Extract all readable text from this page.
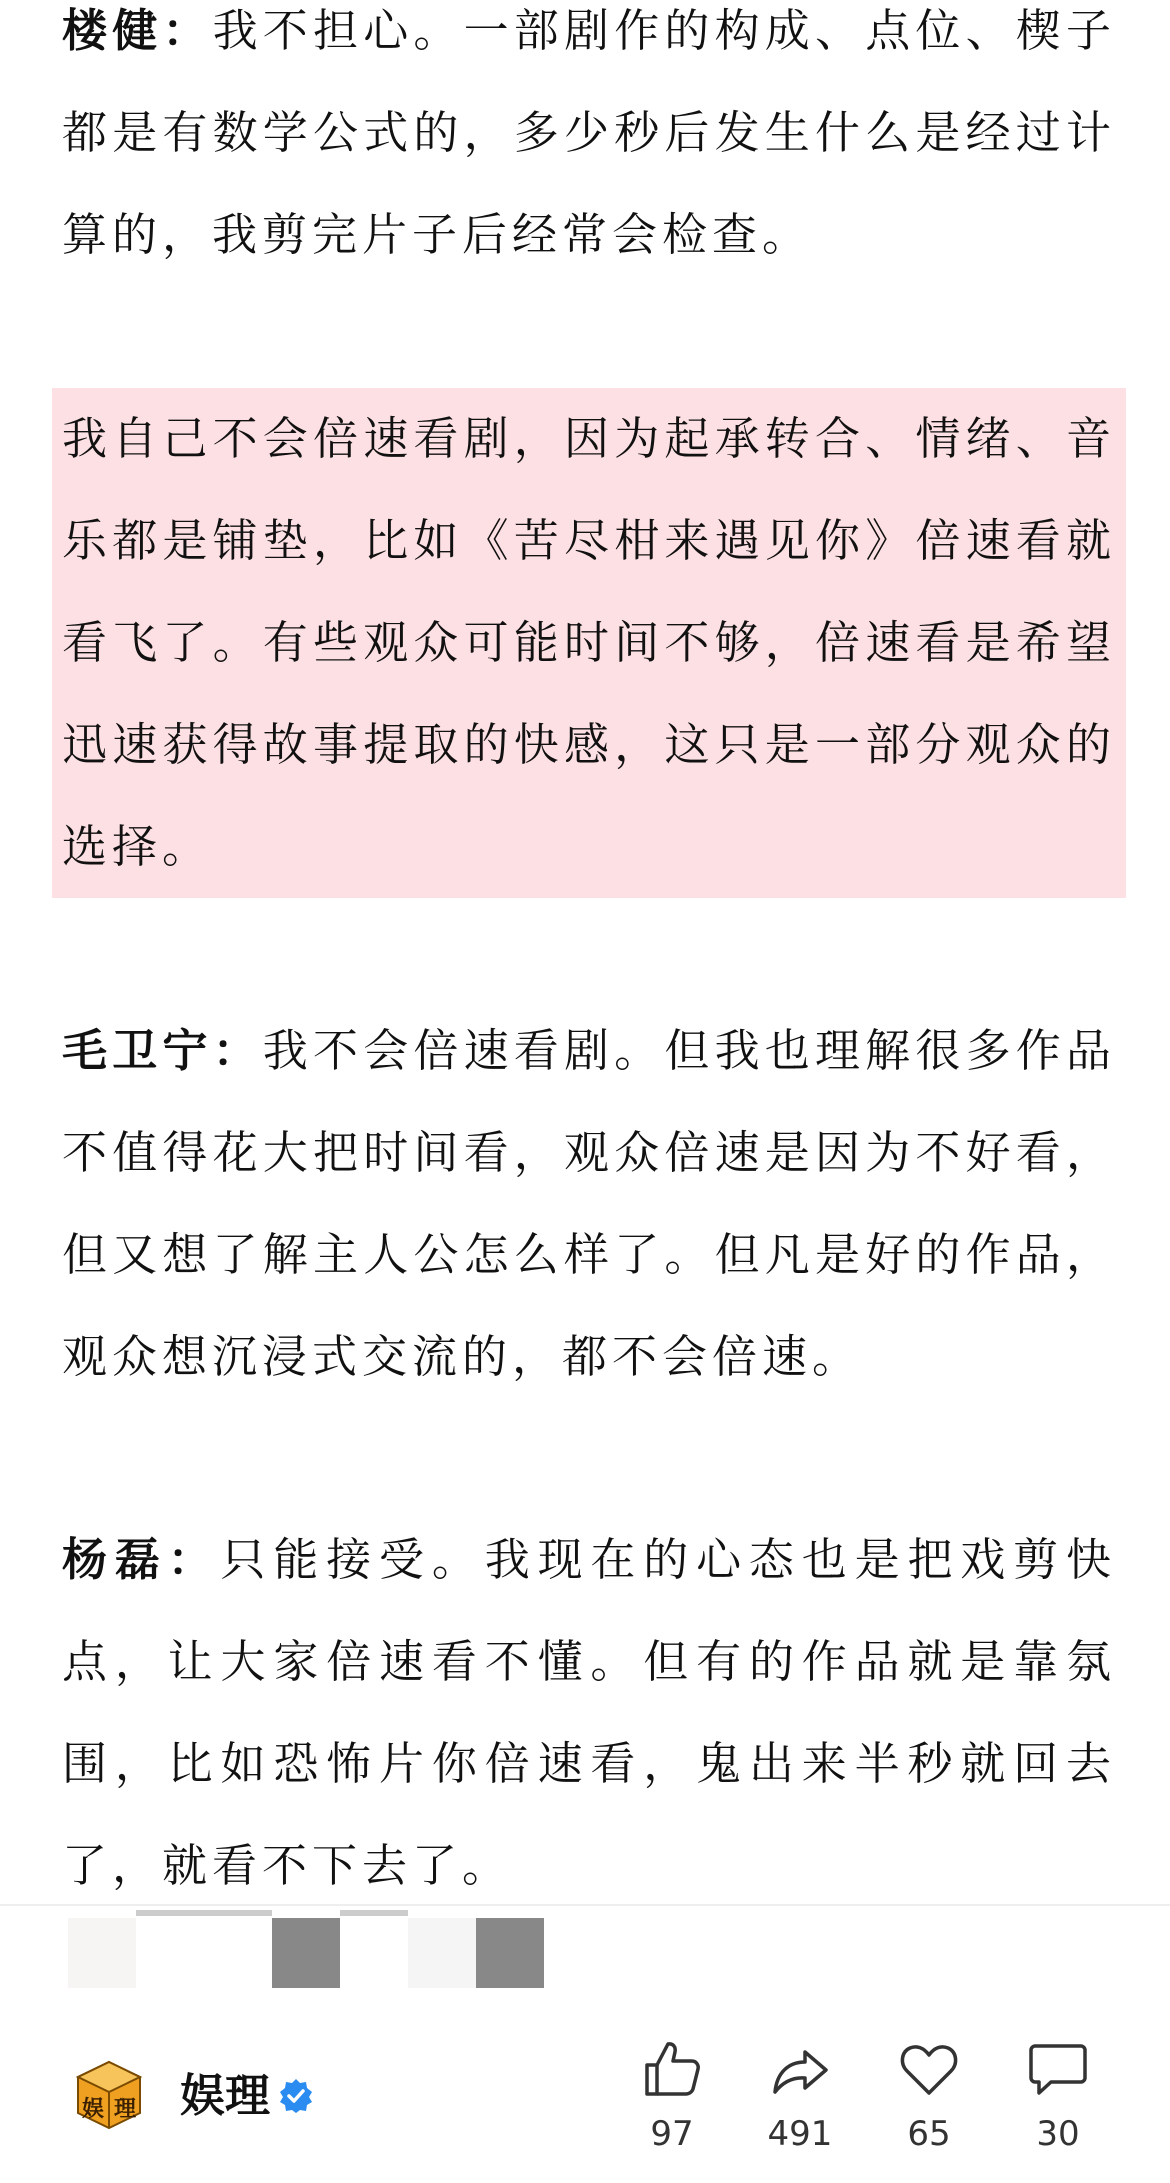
楼健：我不担心。一部剧作的构成、点位、楔子都是有数学公式的，多少秒后发生什么是经过计算的，我剪完片子后经常会检查。

我自己不会倍速看剧，因为起承转合、情绪、音乐都是铺垫，比如《苦尽柑来遇见你》倍速看就看飞了。有些观众可能时间不够，倍速看是希望迅速获得故事提取的快感，这只是一部分观众的选择。

毛卫宁：我不会倍速看剧。但我也理解很多作品不值得花大把时间看，观众倍速是因为不好看，但又想了解主人公怎么样了。但凡是好的作品，观众想沉浸式交流的，都不会倍速。

杨磊：只能接受。我现在的心态也是把戏剪快点，让大家倍速看不懂。但有的作品就是靠氛围，比如恐怖片你倍速看，鬼出来半秒就回去了，就看不下去了。

娱 理 娱理
97	491	65	30
